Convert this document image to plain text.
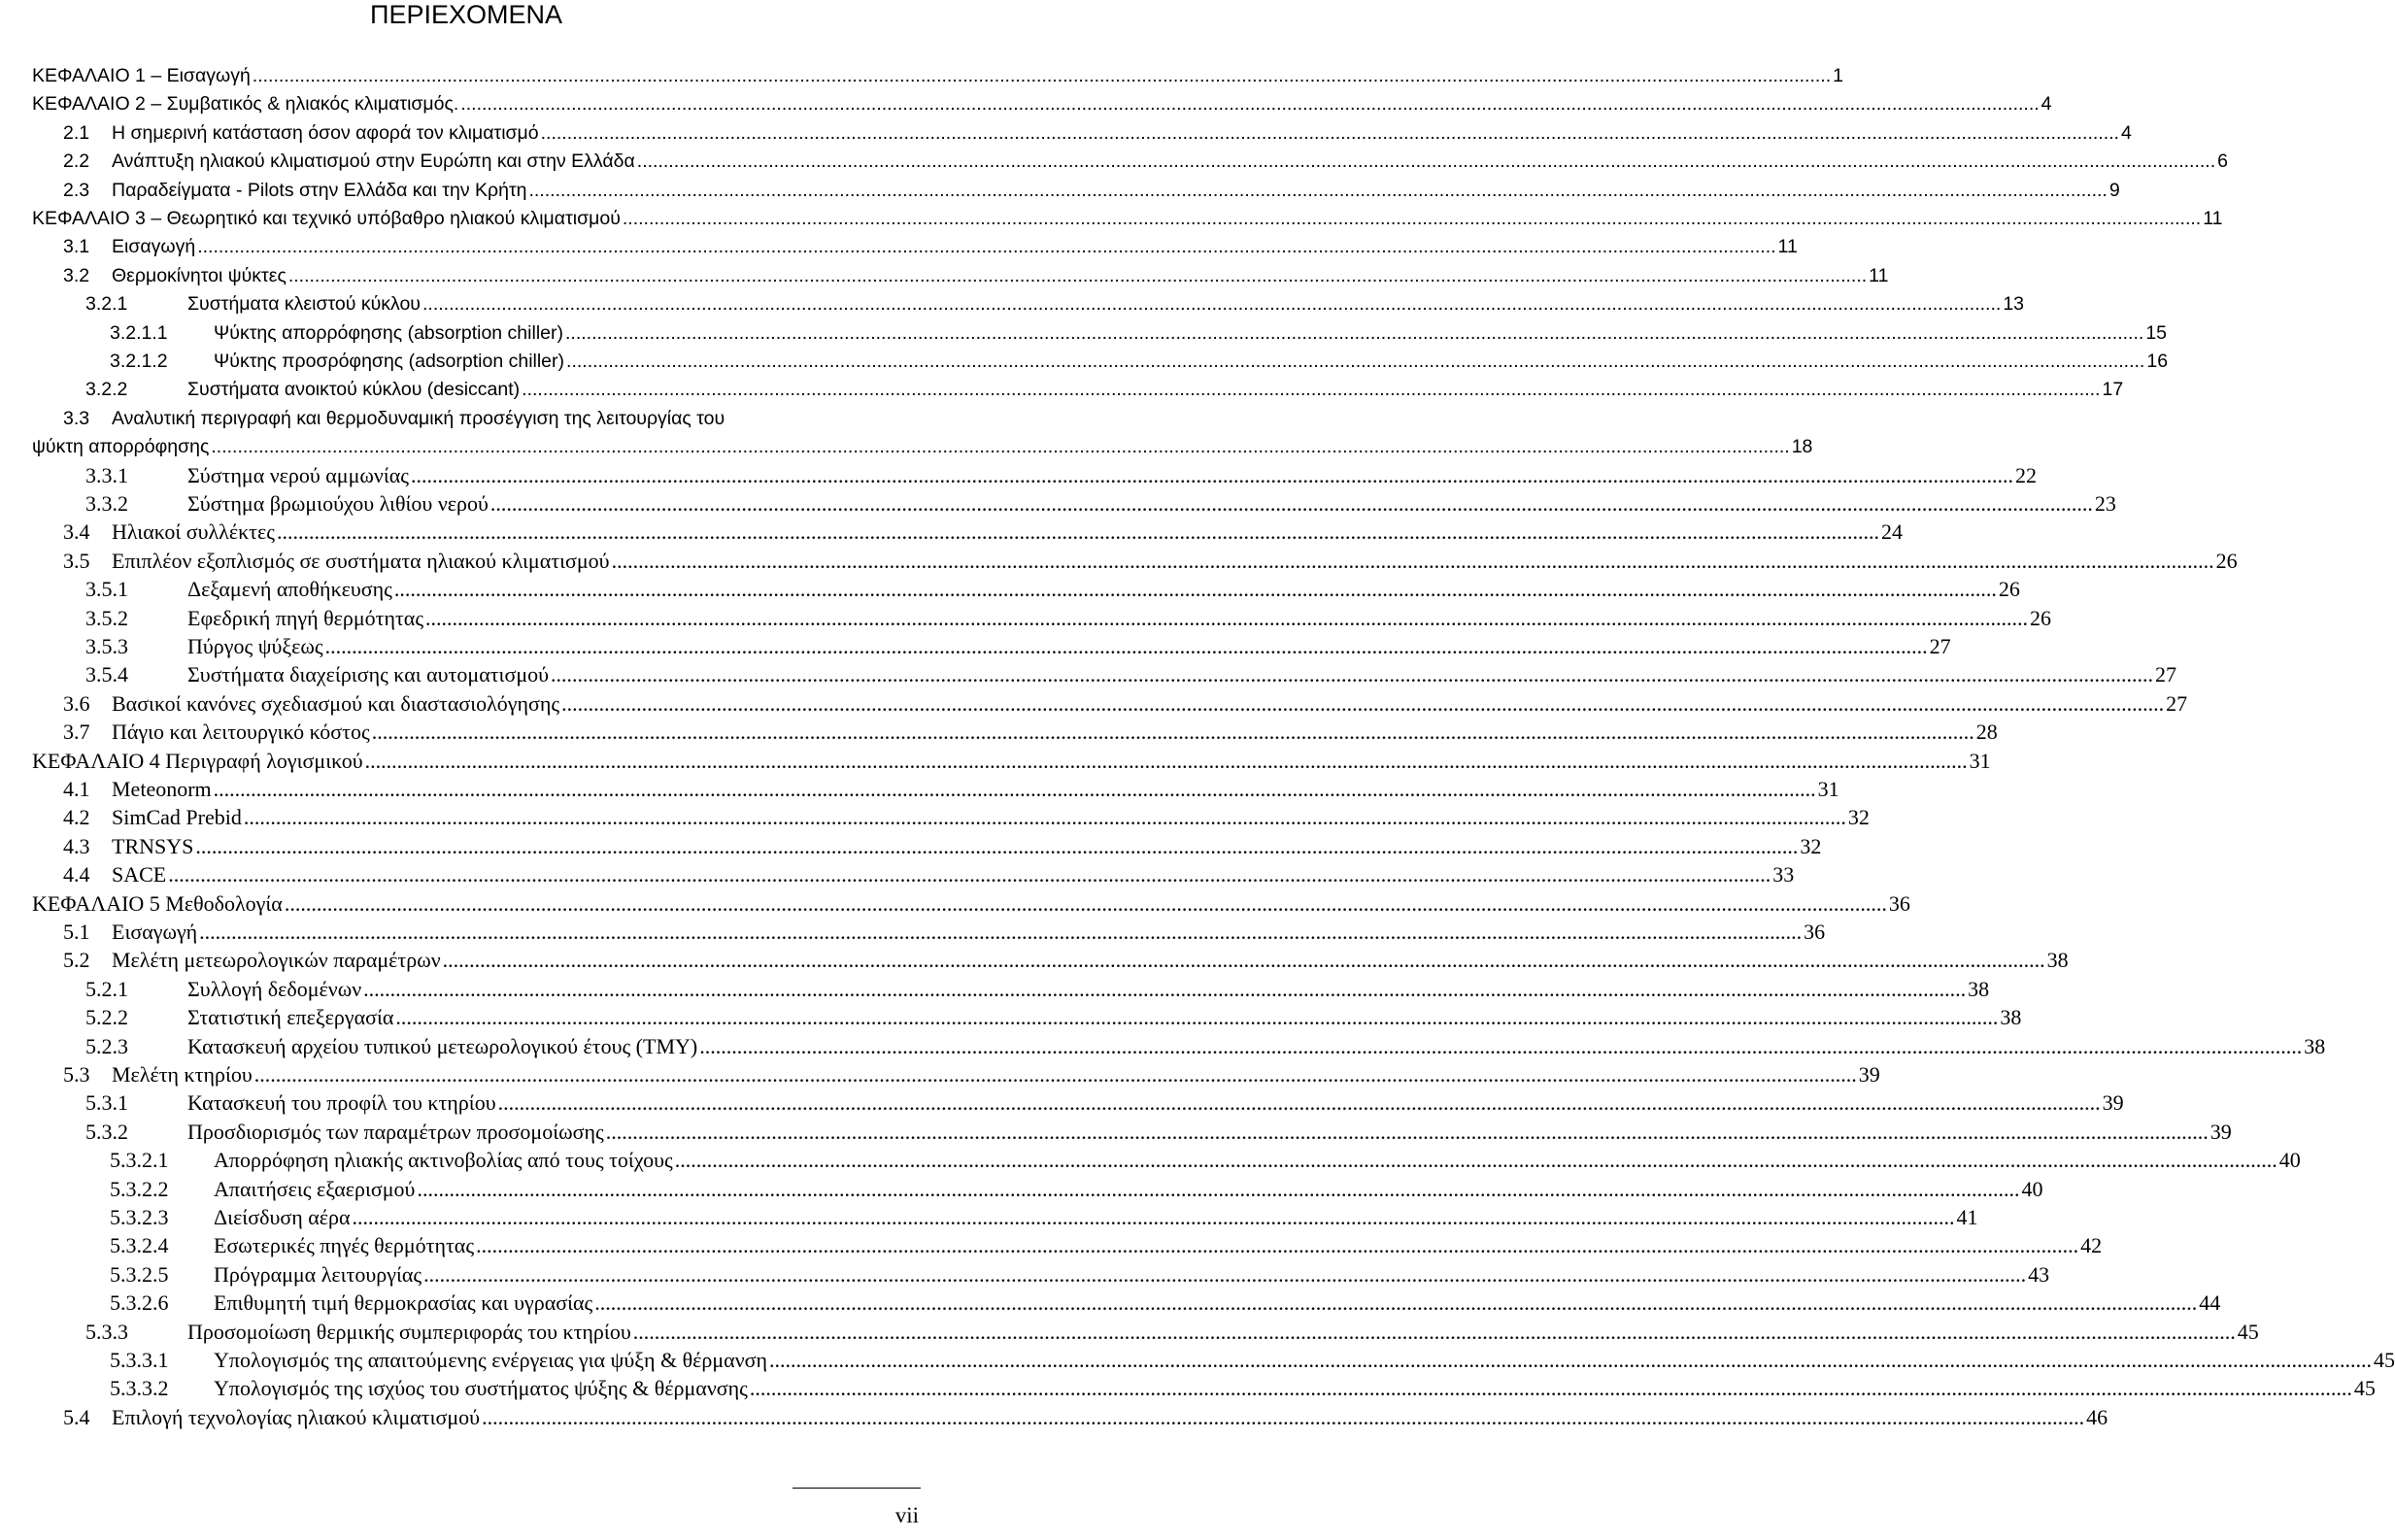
ΠΕΡΙΕΧΟΜΕΝΑ
ΚΕΦΑΛΑΙΟ 1 – Εισαγωγή ............................................................................................................................................................................................................................................................................................................ 1
ΚΕΦΑΛΑΙΟ 2 – Συμβατικός & ηλιακός κλιματισμός. ............................................................................................................................................................................................................................................................................................................ 4
2.1 Η σημερινή κατάσταση όσον αφορά τον κλιματισμό ............................................................................................................................................................................................................................................................................................................ 4
2.2 Ανάπτυξη ηλιακού κλιματισμού στην Ευρώπη και στην Ελλάδα ............................................................................................................................................................................................................................................................................................................ 6
2.3 Παραδείγματα - Pilots στην Ελλάδα και την Κρήτη ............................................................................................................................................................................................................................................................................................................ 9
ΚΕΦΑΛΑΙΟ 3 – Θεωρητικό και τεχνικό υπόβαθρο ηλιακού κλιματισμού ............................................................................................................................................................................................................................................................................................................ 11
3.1 Εισαγωγή ............................................................................................................................................................................................................................................................................................................ 11
3.2 Θερμοκίνητοι ψύκτες ............................................................................................................................................................................................................................................................................................................ 11
3.2.1	Συστήματα κλειστού κύκλου ............................................................................................................................................................................................................................................................................................................ 13
3.2.1.1 Ψύκτης απορρόφησης (absorption chiller) ............................................................................................................................................................................................................................................................................................................ 15
3.2.1.2 Ψύκτης προσρόφησης (adsorption chiller) ............................................................................................................................................................................................................................................................................................................ 16
3.2.2	Συστήματα ανοικτού κύκλου (desiccant) ............................................................................................................................................................................................................................................................................................................ 17
3.3 Αναλυτική περιγραφή και θερμοδυναμική προσέγγιση της λειτουργίας του
ψύκτη απορρόφησης ............................................................................................................................................................................................................................................................................................................ 18
3.3.1	Σύστημα νερού αμμωνίας ............................................................................................................................................................................................................................................................................................................ 22
3.3.2	Σύστημα βρωμιούχου λιθίου νερού ............................................................................................................................................................................................................................................................................................................ 23
3.4 Ηλιακοί συλλέκτες ............................................................................................................................................................................................................................................................................................................ 24
3.5 Επιπλέον εξοπλισμός σε συστήματα ηλιακού κλιματισμού ............................................................................................................................................................................................................................................................................................................ 26
3.5.1	Δεξαμενή αποθήκευσης ............................................................................................................................................................................................................................................................................................................ 26
3.5.2	Εφεδρική πηγή θερμότητας ............................................................................................................................................................................................................................................................................................................ 26
3.5.3	Πύργος ψύξεως ............................................................................................................................................................................................................................................................................................................ 27
3.5.4	Συστήματα διαχείρισης και αυτοματισμού ............................................................................................................................................................................................................................................................................................................ 27
3.6 Βασικοί κανόνες σχεδιασμού και διαστασιολόγησης ............................................................................................................................................................................................................................................................................................................ 27
3.7 Πάγιο και λειτουργικό κόστος ............................................................................................................................................................................................................................................................................................................ 28
ΚΕΦΑΛΑΙΟ 4 Περιγραφή λογισμικού ............................................................................................................................................................................................................................................................................................................ 31
4.1 Meteonorm ............................................................................................................................................................................................................................................................................................................ 31
4.2 SimCad Prebid ............................................................................................................................................................................................................................................................................................................ 32
4.3 TRNSYS ............................................................................................................................................................................................................................................................................................................ 32
4.4 SACE ............................................................................................................................................................................................................................................................................................................ 33
ΚΕΦΑΛΑΙΟ 5 Μεθοδολογία ............................................................................................................................................................................................................................................................................................................ 36
5.1 Εισαγωγή ............................................................................................................................................................................................................................................................................................................ 36
5.2 Μελέτη μετεωρολογικών παραμέτρων ............................................................................................................................................................................................................................................................................................................ 38
5.2.1	Συλλογή δεδομένων ............................................................................................................................................................................................................................................................................................................ 38
5.2.2	Στατιστική επεξεργασία ............................................................................................................................................................................................................................................................................................................ 38
5.2.3	Κατασκευή αρχείου τυπικού μετεωρολογικού έτους (TMY) ............................................................................................................................................................................................................................................................................................................ 38
5.3 Μελέτη κτηρίου ............................................................................................................................................................................................................................................................................................................ 39
5.3.1	Κατασκευή του προφίλ του κτηρίου ............................................................................................................................................................................................................................................................................................................ 39
5.3.2	Προσδιορισμός των παραμέτρων προσομοίωσης ............................................................................................................................................................................................................................................................................................................ 39
5.3.2.1 Απορρόφηση ηλιακής ακτινοβολίας από τους τοίχους ............................................................................................................................................................................................................................................................................................................ 40
5.3.2.2 Απαιτήσεις εξαερισμού ............................................................................................................................................................................................................................................................................................................ 40
5.3.2.3 Διείσδυση αέρα ............................................................................................................................................................................................................................................................................................................ 41
5.3.2.4 Εσωτερικές πηγές θερμότητας ............................................................................................................................................................................................................................................................................................................ 42
5.3.2.5 Πρόγραμμα λειτουργίας ............................................................................................................................................................................................................................................................................................................ 43
5.3.2.6 Επιθυμητή τιμή θερμοκρασίας και υγρασίας ............................................................................................................................................................................................................................................................................................................ 44
5.3.3	Προσομοίωση θερμικής συμπεριφοράς του κτηρίου ............................................................................................................................................................................................................................................................................................................ 45
5.3.3.1 Υπολογισμός της απαιτούμενης ενέργειας για ψύξη & θέρμανση ............................................................................................................................................................................................................................................................................................................ 45
5.3.3.2 Υπολογισμός της ισχύος του συστήματος ψύξης & θέρμανσης ............................................................................................................................................................................................................................................................................................................ 45
5.4 Επιλογή τεχνολογίας ηλιακού κλιματισμού ............................................................................................................................................................................................................................................................................................................ 46
vii
